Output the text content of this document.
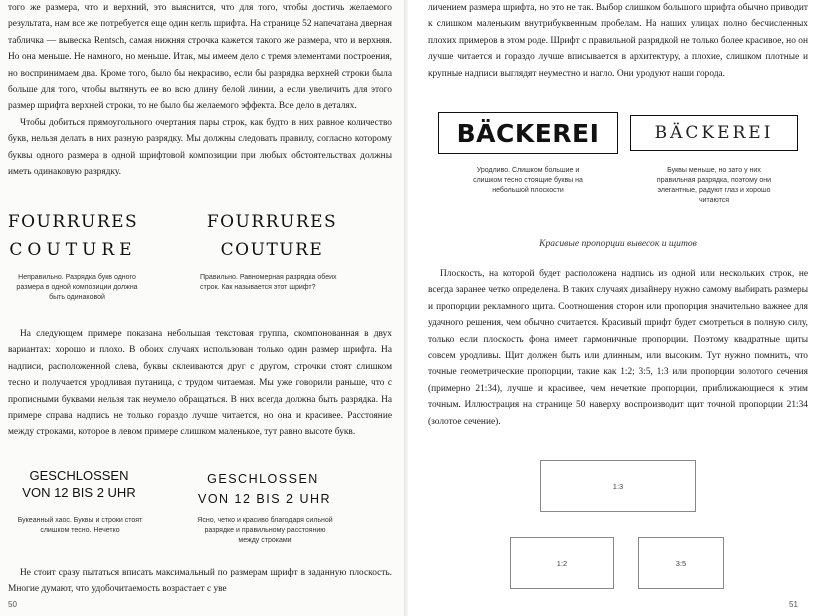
того же размера, что и верхний, это выяснится, что для того, чтобы достичь желаемого результата, нам все же потребуется еще один кегль шрифта. На странице 52 напечатана дверная табличка — вывеска Rentsch, самая нижняя строчка кажется такого же размера, что и верхняя. Но она меньше. Не намного, но меньше. Итак, мы имеем дело с тремя элементами построения, но воспринимаем два. Кроме того, было бы некрасиво, если бы разрядка верхней строки была больше для того, чтобы вытянуть ее во всю длину белой линии, а если увеличить для этого размер шрифта верхней строки, то не было бы желаемого эффекта. Все дело в деталях.

Чтобы добиться прямоугольного очертания пары строк, как будто в них равное количество букв, нельзя делать в них разную разрядку. Мы должны следовать правилу, согласно которому буквы одного размера в одной шрифтовой композиции при любых обстоятельствах должны иметь одинаковую разрядку.

FOURRURES
COUTURE
FOURRURES
COUTURE
Неправильно. Разрядка букв одного размера в одной композиции должна быть одинаковой
Правильно. Равномерная разрядка обеих строк. Как называется этот шрифт?

На следующем примере показана небольшая текстовая группа, скомпонованная в двух вариантах: хорошо и плохо. В обоих случаях использован только один размер шрифта. На надписи, расположенной слева, буквы склеиваются друг с другом, строчки стоят слишком тесно и получается уродливая путаница, с трудом читаемая. Мы уже говорили раньше, что с прописными буквами нельзя так неумело обращаться. В них всегда должна быть разрядка. На примере справа надпись не только гораздо лучше читается, но она и красивее. Расстояние между строками, которое в левом примере слишком маленькое, тут равно высоте букв.

GESCHLOSSEN
VON 12 BIS 2 UHR
GESCHLOSSEN
VON 12 BIS 2 UHR
Букеанный хаос. Буквы и строки стоят слишком тесно. Нечетко
Ясно, четко и красиво благодаря сильной разрядке и правильному расстоянию между строками

Не стоит сразу пытаться вписать максимальный по размерам шрифт в заданную плоскость. Многие думают, что удобочитаемость возрастает с уве

50

личением размера шрифта, но это не так. Выбор слишком большого шрифта обычно приводит к слишком маленьким внутрибуквенным пробелам. На наших улицах полно бесчисленных плохих примеров в этом роде. Шрифт с правильной разрядкой не только более красивое, но он лучше читается и гораздо лучше вписывается в архитектуру, а плохие, слишком плотные и крупные надписи выглядят неуместно и нагло. Они уродуют наши города.

BÄCKEREI	BÄCKEREI
Уродливо. Слишком большие и слишком тесно стоящие буквы на небольшой плоскости
Буквы меньше, но зато у них правильная разрядка, поэтому они элегантные, радуют глаз и хорошо читаются
Красивые пропорции вывесок и щитов

Плоскость, на которой будет расположена надпись из одной или нескольких строк, не всегда заранее четко определена. В таких случаях дизайнеру нужно самому выбирать размеры и пропорции рекламного щита. Соотношения сторон или пропорция значительно важнее для удачного решения, чем обычно считается. Красивый шрифт будет смотреться в полную силу, только если плоскость фона имеет гармоничные пропорции. Поэтому квадратные щиты совсем уродливы. Щит должен быть или длинным, или высоким. Тут нужно помнить, что точные геометрические пропорции, такие как 1:2; 3:5, 1:3 или пропорции золотого сечения (примерно 21:34), лучше и красивее, чем нечеткие пропорции, приближающиеся к этим точным. Иллюстрация на странице 50 наверху воспроизводит щит точной пропорции 21:34 (золотое сечение).

1:3
1:2	3:5
51
